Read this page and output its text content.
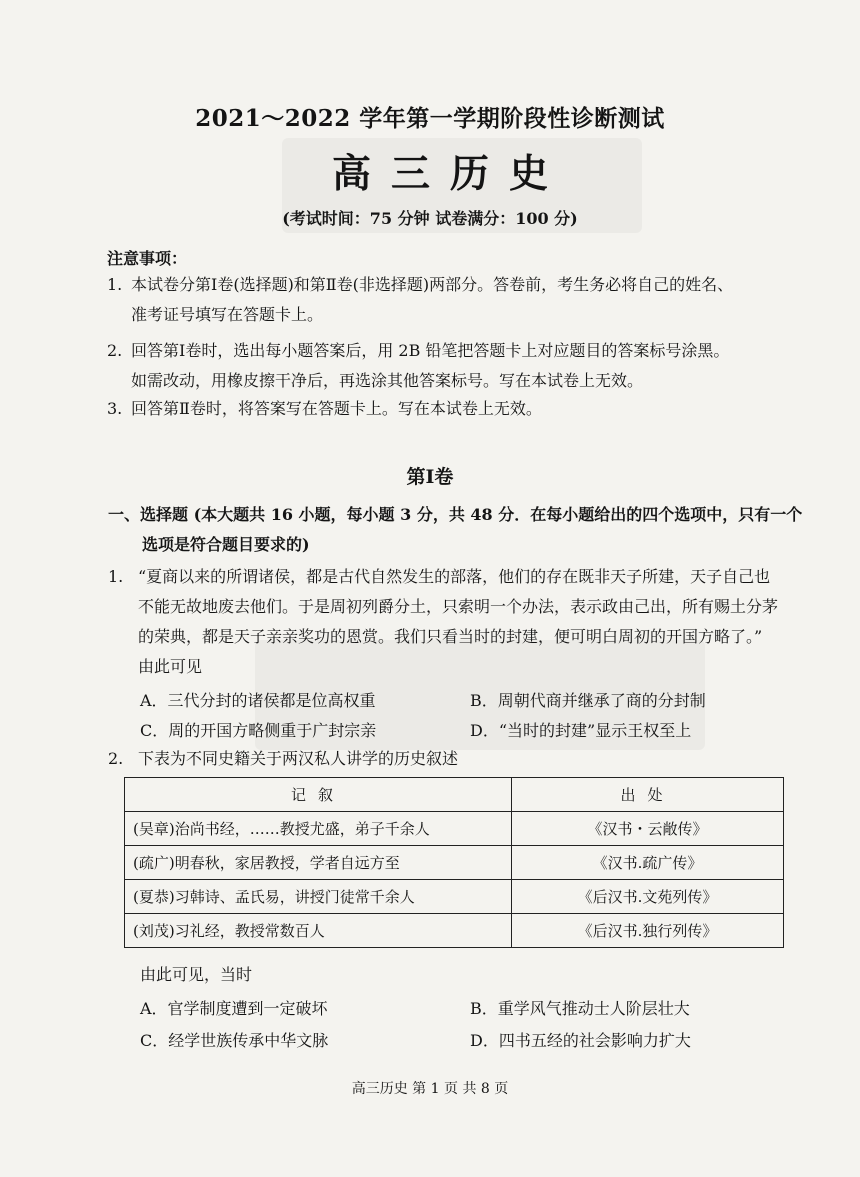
2021～2022 学年第一学期阶段性诊断测试
高三历史
(考试时间：75 分钟 试卷满分：100 分)
注意事项：
1. 本试卷分第Ⅰ卷(选择题)和第Ⅱ卷(非选择题)两部分。答卷前，考生务必将自己的姓名、
准考证号填写在答题卡上。
2. 回答第Ⅰ卷时，选出每小题答案后，用 2B 铅笔把答题卡上对应题目的答案标号涂黑。
如需改动，用橡皮擦干净后，再选涂其他答案标号。写在本试卷上无效。
3. 回答第Ⅱ卷时，将答案写在答题卡上。写在本试卷上无效。
第Ⅰ卷
一、选择题 (本大题共 16 小题，每小题 3 分，共 48 分．在每小题给出的四个选项中，只有一个
选项是符合题目要求的)
1. “夏商以来的所谓诸侯，都是古代自然发生的部落，他们的存在既非天子所建，天子自己也
不能无故地废去他们。于是周初列爵分土，只索明一个办法，表示政由己出，所有赐土分茅
的荣典，都是天子亲亲奖功的恩赏。我们只看当时的封建，便可明白周初的开国方略了。”
由此可见
A．三代分封的诸侯都是位高权重	B．周朝代商并继承了商的分封制
C．周的开国方略侧重于广封宗亲	D．“当时的封建”显示王权至上
2. 下表为不同史籍关于两汉私人讲学的历史叙述
记叙	出处
(吴章)治尚书经，……教授尤盛，弟子千余人	《汉书・云敞传》
(疏广)明春秋，家居教授，学者自远方至	《汉书.疏广传》
(夏恭)习韩诗、孟氏易，讲授门徒常千余人	《后汉书.文苑列传》
(刘茂)习礼经，教授常数百人	《后汉书.独行列传》
由此可见，当时
A．官学制度遭到一定破坏	B．重学风气推动士人阶层壮大
C．经学世族传承中华文脉	D．四书五经的社会影响力扩大
高三历史 第 1 页 共 8 页
